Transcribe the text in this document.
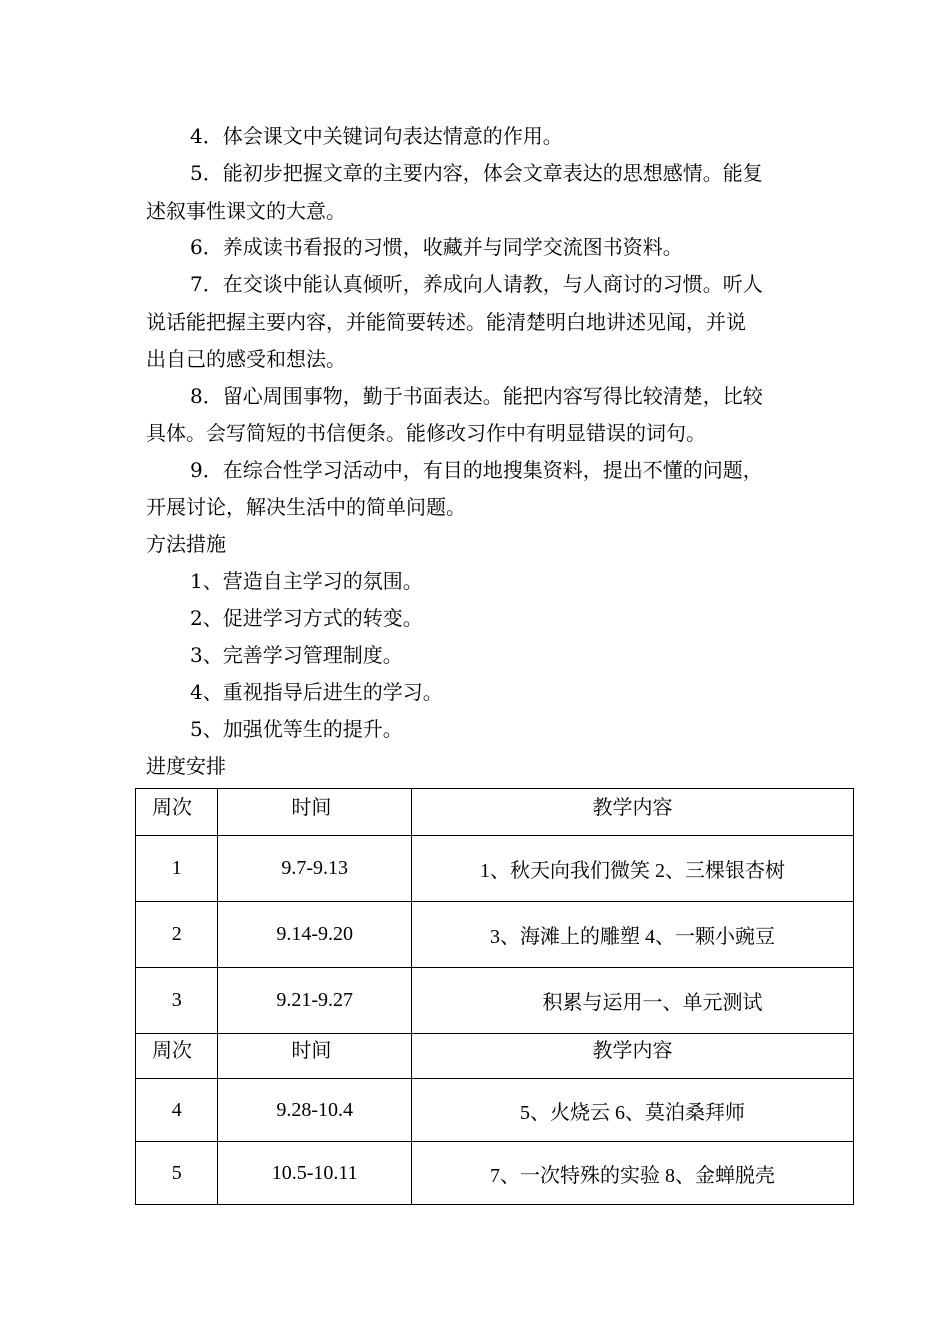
4．体会课文中关键词句表达情意的作用。
5．能初步把握文章的主要内容，体会文章表达的思想感情。能复
述叙事性课文的大意。
6．养成读书看报的习惯，收藏并与同学交流图书资料。
7．在交谈中能认真倾听，养成向人请教，与人商讨的习惯。听人
说话能把握主要内容，并能简要转述。能清楚明白地讲述见闻，并说
出自己的感受和想法。
8．留心周围事物，勤于书面表达。能把内容写得比较清楚，比较
具体。会写简短的书信便条。能修改习作中有明显错误的词句。
9．在综合性学习活动中，有目的地搜集资料，提出不懂的问题，
开展讨论，解决生活中的简单问题。
方法措施
1、营造自主学习的氛围。
2、促进学习方式的转变。
3、完善学习管理制度。
4、重视指导后进生的学习。
5、加强优等生的提升。
进度安排
周次	时间	教学内容
1	9.7-9.13	1、秋天向我们微笑 2、三棵银杏树
2	9.14-9.20	3、海滩上的雕塑 4、一颗小豌豆
3	9.21-9.27	积累与运用一、单元测试
周次	时间	教学内容
4	9.28-10.4	5、火烧云 6、莫泊桑拜师
5	10.5-10.11	7、一次特殊的实验 8、金蝉脱壳
